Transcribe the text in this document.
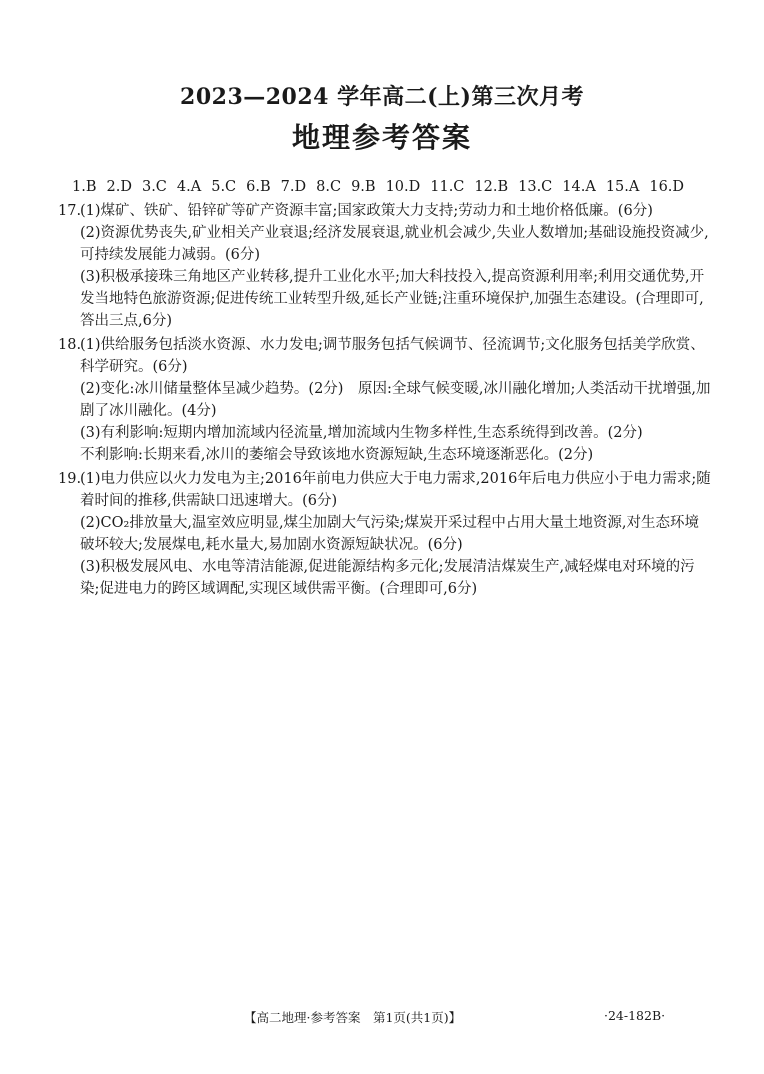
2023—2024 学年高二(上)第三次月考
地理参考答案
1.B 2.D 3.C 4.A 5.C 6.B 7.D 8.C 9.B 10.D 11.C 12.B 13.C 14.A 15.A 16.D
17.

(1)煤矿、铁矿、铅锌矿等矿产资源丰富;国家政策大力支持;劳动力和土地价格低廉。(6分)

(2)资源优势丧失,矿业相关产业衰退;经济发展衰退,就业机会减少,失业人数增加;基础设施投资减少,可持续发展能力减弱。(6分)

(3)积极承接珠三角地区产业转移,提升工业化水平;加大科技投入,提高资源利用率;利用交通优势,开发当地特色旅游资源;促进传统工业转型升级,延长产业链;注重环境保护,加强生态建设。(合理即可,答出三点,6分)

18.

(1)供给服务包括淡水资源、水力发电;调节服务包括气候调节、径流调节;文化服务包括美学欣赏、科学研究。(6分)

(2)变化:冰川储量整体呈减少趋势。(2分)　原因:全球气候变暖,冰川融化增加;人类活动干扰增强,加剧了冰川融化。(4分)

(3)有利影响:短期内增加流域内径流量,增加流域内生物多样性,生态系统得到改善。(2分)

不利影响:长期来看,冰川的萎缩会导致该地水资源短缺,生态环境逐渐恶化。(2分)

19.

(1)电力供应以火力发电为主;2016年前电力供应大于电力需求,2016年后电力供应小于电力需求;随着时间的推移,供需缺口迅速增大。(6分)

(2)CO₂排放量大,温室效应明显,煤尘加剧大气污染;煤炭开采过程中占用大量土地资源,对生态环境破坏较大;发展煤电,耗水量大,易加剧水资源短缺状况。(6分)

(3)积极发展风电、水电等清洁能源,促进能源结构多元化;发展清洁煤炭生产,减轻煤电对环境的污染;促进电力的跨区域调配,实现区域供需平衡。(合理即可,6分)

【高二地理·参考答案　第1页(共1页)】	·24-182B·
